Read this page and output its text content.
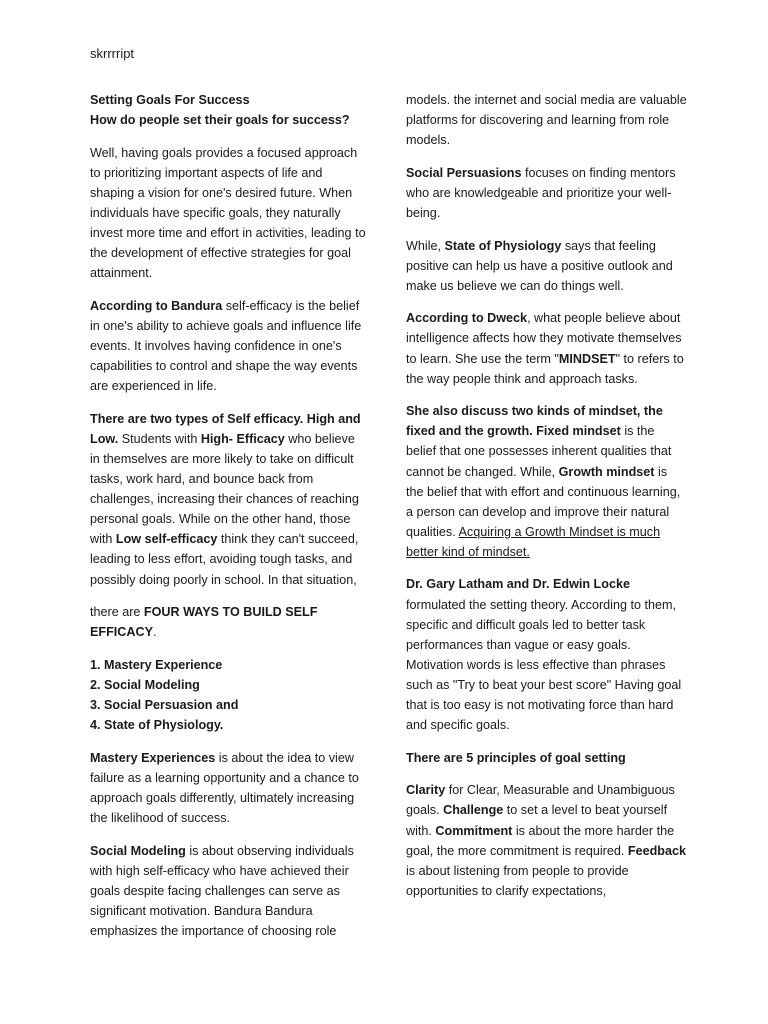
skrrrript

Setting Goals For Success

How do people set their goals for success?

Well, having goals provides a focused approach to prioritizing important aspects of life and shaping a vision for one's desired future. When individuals have specific goals, they naturally invest more time and effort in activities, leading to the development of effective strategies for goal attainment.

According to Bandura self-efficacy is the belief in one's ability to achieve goals and influence life events. It involves having confidence in one's capabilities to control and shape the way events are experienced in life.

There are two types of Self efficacy. High and Low. Students with High- Efficacy who believe in themselves are more likely to take on difficult tasks, work hard, and bounce back from challenges, increasing their chances of reaching personal goals. While on the other hand, those with Low self-efficacy think they can't succeed, leading to less effort, avoiding tough tasks, and possibly doing poorly in school. In that situation,

there are FOUR WAYS TO BUILD SELF EFFICACY.

1. Mastery Experience

2. Social Modeling

3. Social Persuasion and

4. State of Physiology.

Mastery Experiences is about the idea to view failure as a learning opportunity and a chance to approach goals differently, ultimately increasing the likelihood of success.

Social Modeling is about observing individuals with high self-efficacy who have achieved their goals despite facing challenges can serve as significant motivation. Bandura Bandura emphasizes the importance of choosing role

models. the internet and social media are valuable platforms for discovering and learning from role models.

Social Persuasions focuses on finding mentors who are knowledgeable and prioritize your well-being.

While, State of Physiology says that feeling positive can help us have a positive outlook and make us believe we can do things well.

According to Dweck, what people believe about intelligence affects how they motivate themselves to learn. She use the term "MINDSET" to refers to the way people think and approach tasks.

She also discuss two kinds of mindset, the fixed and the growth. Fixed mindset is the belief that one possesses inherent qualities that cannot be changed. While, Growth mindset is the belief that with effort and continuous learning, a person can develop and improve their natural qualities. Acquiring a Growth Mindset is much better kind of mindset.

Dr. Gary Latham and Dr. Edwin Locke formulated the setting theory. According to them, specific and difficult goals led to better task performances than vague or easy goals. Motivation words is less effective than phrases such as "Try to beat your best score" Having goal that is too easy is not motivating force than hard and specific goals.

There are 5 principles of goal setting

Clarity for Clear, Measurable and Unambiguous goals. Challenge to set a level to beat yourself with. Commitment is about the more harder the goal, the more commitment is required. Feedback is about listening from people to provide opportunities to clarify expectations,
